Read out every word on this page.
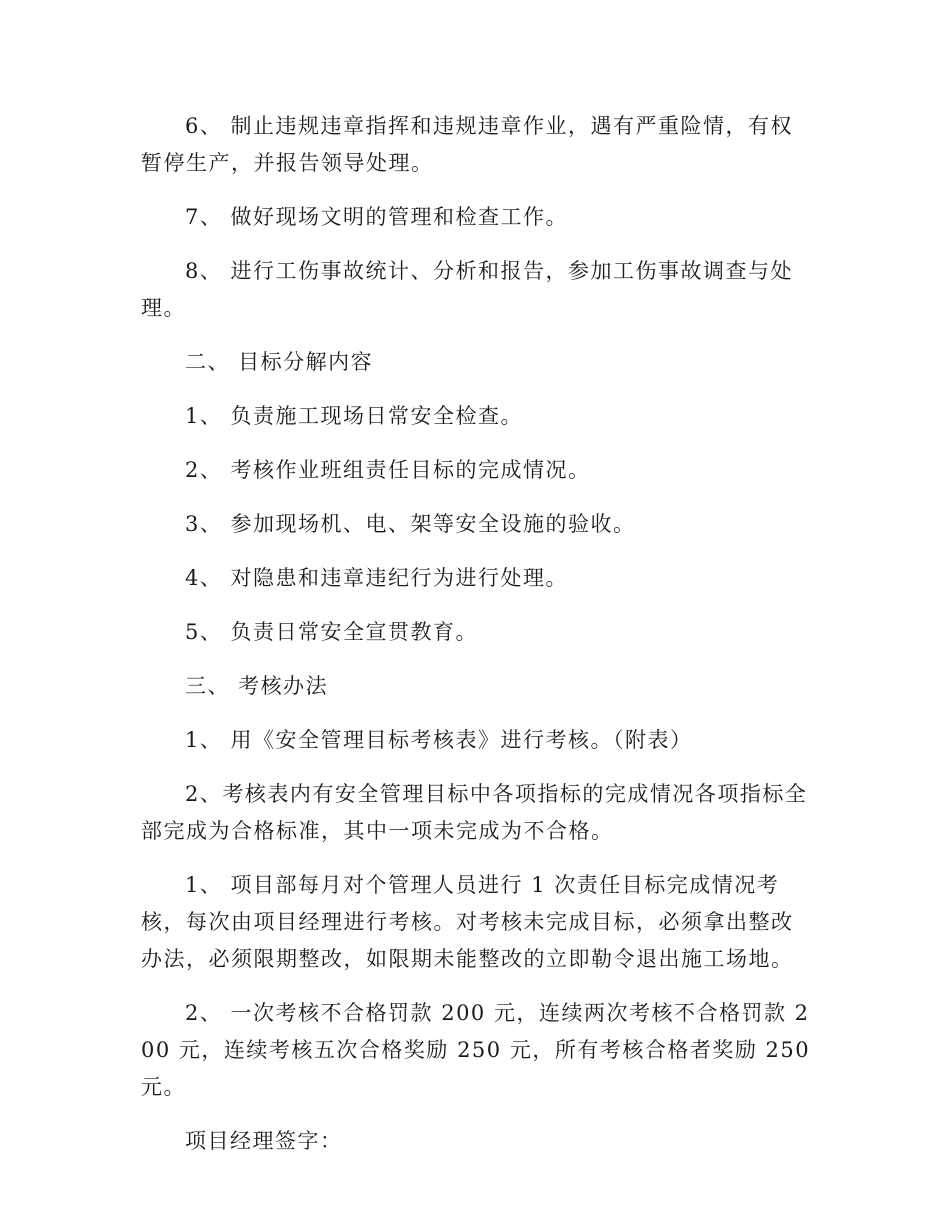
6、 制止违规违章指挥和违规违章作业，遇有严重险情，有权暂停生产，并报告领导处理。

7、 做好现场文明的管理和检查工作。

8、 进行工伤事故统计、分析和报告，参加工伤事故调查与处理。

二、 目标分解内容

1、 负责施工现场日常安全检查。

2、 考核作业班组责任目标的完成情况。

3、 参加现场机、电、架等安全设施的验收。

4、 对隐患和违章违纪行为进行处理。

5、 负责日常安全宣贯教育。

三、 考核办法

1、 用《安全管理目标考核表》进行考核。（附表）

2、考核表内有安全管理目标中各项指标的完成情况各项指标全部完成为合格标准，其中一项未完成为不合格。

1、 项目部每月对个管理人员进行 1 次责任目标完成情况考核，每次由项目经理进行考核。对考核未完成目标，必须拿出整改办法，必须限期整改，如限期未能整改的立即勒令退出施工场地。

2、 一次考核不合格罚款 200 元，连续两次考核不合格罚款 200 元，连续考核五次合格奖励 250 元，所有考核合格者奖励 250 元。

项目经理签字：
